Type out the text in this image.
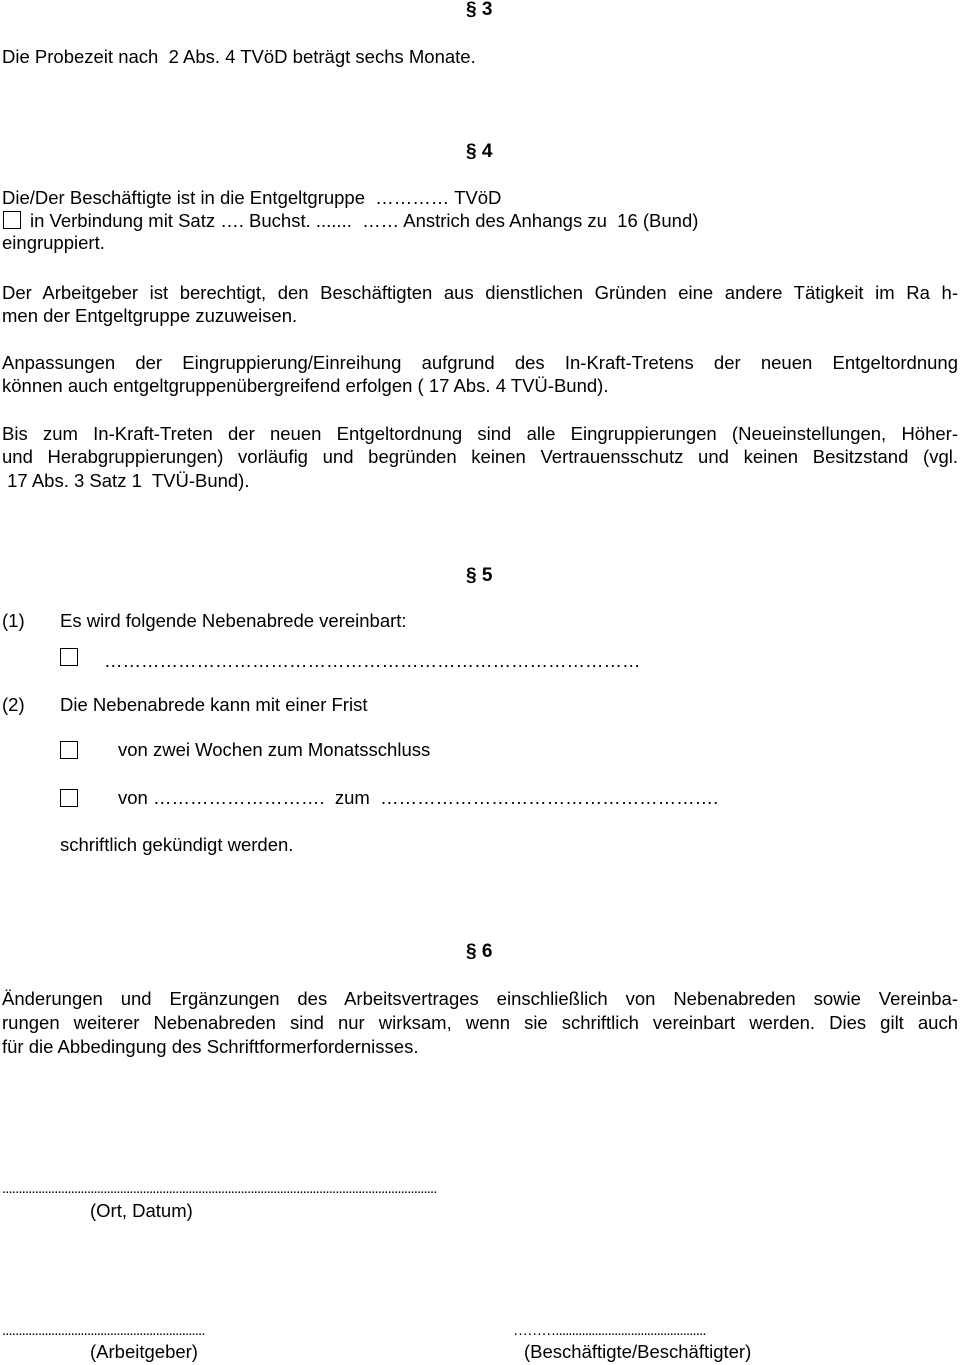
§ 3
Die Probezeit nach  2 Abs. 4 TVöD beträgt sechs Monate.
§ 4
Die/Der Beschäftigte ist in die Entgeltgruppe  ………… TVöD
in Verbindung mit Satz …. Buchst. .......  …… Anstrich des Anhangs zu  16 (Bund)
eingruppiert.
Der Arbeitgeber ist berechtigt, den Beschäftigten aus dienstlichen Gründen eine andere Tätigkeit im Ra h-
men der Entgeltgruppe zuzuweisen.
Anpassungen der Eingruppierung/Einreihung aufgrund des In-Kraft-Tretens der neuen Entgeltordnung
können auch entgeltgruppenübergreifend erfolgen ( 17 Abs. 4 TVÜ-Bund).
Bis zum In-Kraft-Treten der neuen Entgeltordnung sind alle Eingruppierungen (Neueinstellungen, Höher-
und Herabgruppierungen) vorläufig und begründen keinen Vertrauensschutz und keinen Besitzstand (vgl.
17 Abs. 3 Satz 1  TVÜ-Bund).
§ 5
(1) Es wird folgende Nebenabrede vereinbart:
……………………………………………………………………………
(2) Die Nebenabrede kann mit einer Frist
von zwei Wochen zum Monatsschluss
von ……………………….  zum  ……………………………………………….
schriftlich gekündigt werden.
§ 6
Änderungen und Ergänzungen des Arbeitsvertrages einschließlich von Nebenabreden sowie Vereinba-
rungen weiterer Nebenabreden sind nur wirksam, wenn sie schriftlich vereinbart werden. Dies gilt auch
für die Abbedingung des Schriftformerfordernisses.
.....................................................................................................................................
(Ort, Datum)
..............................................................
(Arbeitgeber)
………..............................................
(Beschäftigte/Beschäftigter)
